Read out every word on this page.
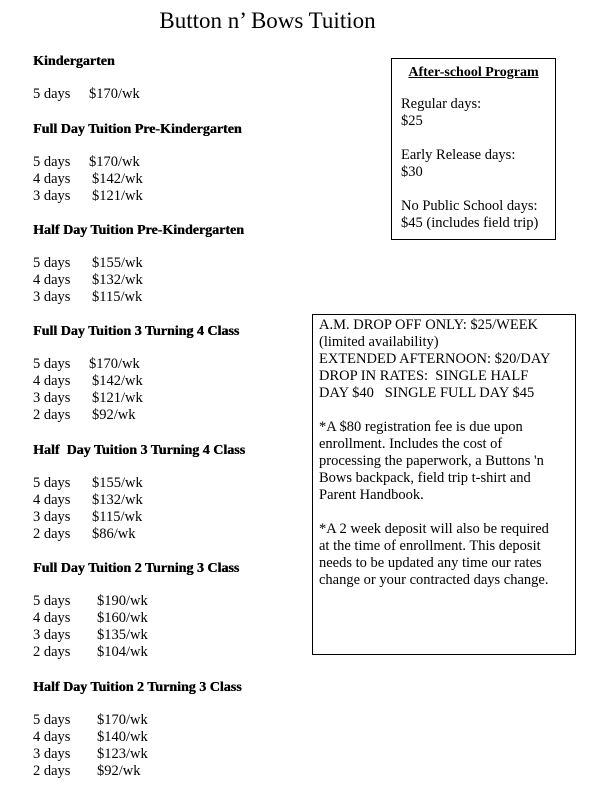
Button n’ Bows Tuition
Kindergarten
5 days	$170/wk
Full Day Tuition Pre-Kindergarten
5 days	$170/wk
4 days	$142/wk
3 days	$121/wk
Half Day Tuition Pre-Kindergarten
5 days	$155/wk
4 days	$132/wk
3 days	$115/wk
Full Day Tuition 3 Turning 4 Class
5 days	$170/wk
4 days	$142/wk
3 days	$121/wk
2 days	$92/wk
Half  Day Tuition 3 Turning 4 Class
5 days	$155/wk
4 days	$132/wk
3 days	$115/wk
2 days	$86/wk
Full Day Tuition 2 Turning 3 Class
5 days	$190/wk
4 days	$160/wk
3 days	$135/wk
2 days	$104/wk
Half Day Tuition 2 Turning 3 Class
5 days	$170/wk
4 days	$140/wk
3 days	$123/wk
2 days	$92/wk
After-school Program
Regular days:
$25
Early Release days:
$30
No Public School days:
$45 (includes field trip)
A.M. DROP OFF ONLY: $25/WEEK
(limited availability)
EXTENDED AFTERNOON: $20/DAY
DROP IN RATES:  SINGLE HALF
DAY $40   SINGLE FULL DAY $45
*A $80 registration fee is due upon
enrollment. Includes the cost of
processing the paperwork, a Buttons 'n
Bows backpack, field trip t-shirt and
Parent Handbook.
*A 2 week deposit will also be required
at the time of enrollment. This deposit
needs to be updated any time our rates
change or your contracted days change.
